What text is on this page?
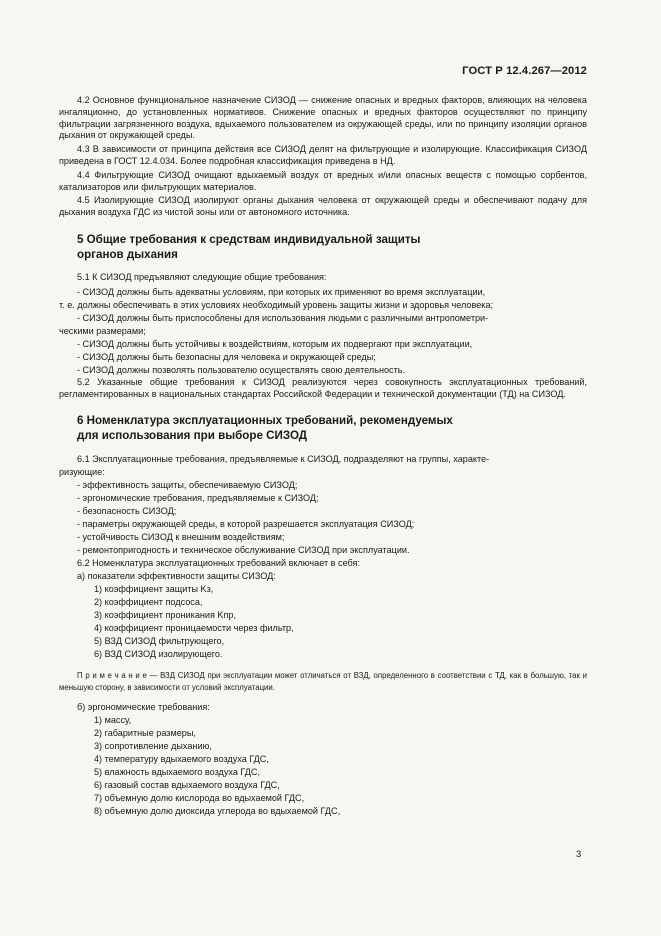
ГОСТ Р 12.4.267—2012

4.2 Основное функциональное назначение СИЗОД — снижение опасных и вредных факторов, влияющих на человека ингаляционно, до установленных нормативов. Снижение опасных и вредных факторов осуществляют по принципу фильтрации загрязненного воздуха, вдыхаемого пользователем из окружающей среды, или по принципу изоляции органов дыхания от окружающей среды.

4.3 В зависимости от принципа действия все СИЗОД делят на фильтрующие и изолирующие. Классификация СИЗОД приведена в ГОСТ 12.4.034. Более подробная классификация приведена в НД.

4.4 Фильтрующие СИЗОД очищают вдыхаемый воздух от вредных и/или опасных веществ с помощью сорбентов, катализаторов или фильтрующих материалов.

4.5 Изолирующие СИЗОД изолируют органы дыхания человека от окружающей среды и обеспечивают подачу для дыхания воздуха ГДС из чистой зоны или от автономного источника.

5 Общие требования к средствам индивидуальной защиты
органов дыхания

5.1 К СИЗОД предъявляют следующие общие требования:

- СИЗОД должны быть адекватны условиям, при которых их применяют во время эксплуатации,
т. е. должны обеспечивать в этих условиях необходимый уровень защиты жизни и здоровья человека;
- СИЗОД должны быть приспособлены для использования людьми с различными антропометри-
ческими размерами;
- СИЗОД должны быть устойчивы к воздействиям, которым их подвергают при эксплуатации,
- СИЗОД должны быть безопасны для человека и окружающей среды;
- СИЗОД должны позволять пользователю осуществлять свою деятельность.

5.2 Указанные общие требования к СИЗОД реализуются через совокупность эксплуатационных требований, регламентированных в национальных стандартах Российской Федерации и технической документации (ТД) на СИЗОД.

6 Номенклатура эксплуатационных требований, рекомендуемых
для использования при выборе СИЗОД
6.1 Эксплуатационные требования, предъявляемые к СИЗОД, подразделяют на группы, характе-
ризующие:
- эффективность защиты, обеспечиваемую СИЗОД;
- эргономические требования, предъявляемые к СИЗОД;
- безопасность СИЗОД;
- параметры окружающей среды, в которой разрешается эксплуатация СИЗОД;
- устойчивость СИЗОД к внешним воздействиям;
- ремонтопригодность и техническое обслуживание СИЗОД при эксплуатации.
6.2 Номенклатура эксплуатационных требований включает в себя:
а) показатели эффективности защиты СИЗОД:
1) коэффициент защиты Kз,
2) коэффициент подсоса,
3) коэффициент проникания Kпр,
4) коэффициент проницаемости через фильтр,
5) ВЗД СИЗОД фильтрующего,
6) ВЗД СИЗОД изолирующего.

П р и м е ч а н и е — ВЗД СИЗОД при эксплуатации может отличаться от ВЗД, определенного в соответствии с ТД, как в большую, так и меньшую сторону, в зависимости от условий эксплуатации.

б) эргономические требования:
1) массу,
2) габаритные размеры,
3) сопротивление дыханию,
4) температуру вдыхаемого воздуха ГДС,
5) влажность вдыхаемого воздуха ГДС,
6) газовый состав вдыхаемого воздуха ГДС,
7) объемную долю кислорода во вдыхаемой ГДС,
8) объемную долю диоксида углерода во вдыхаемой ГДС,
3
